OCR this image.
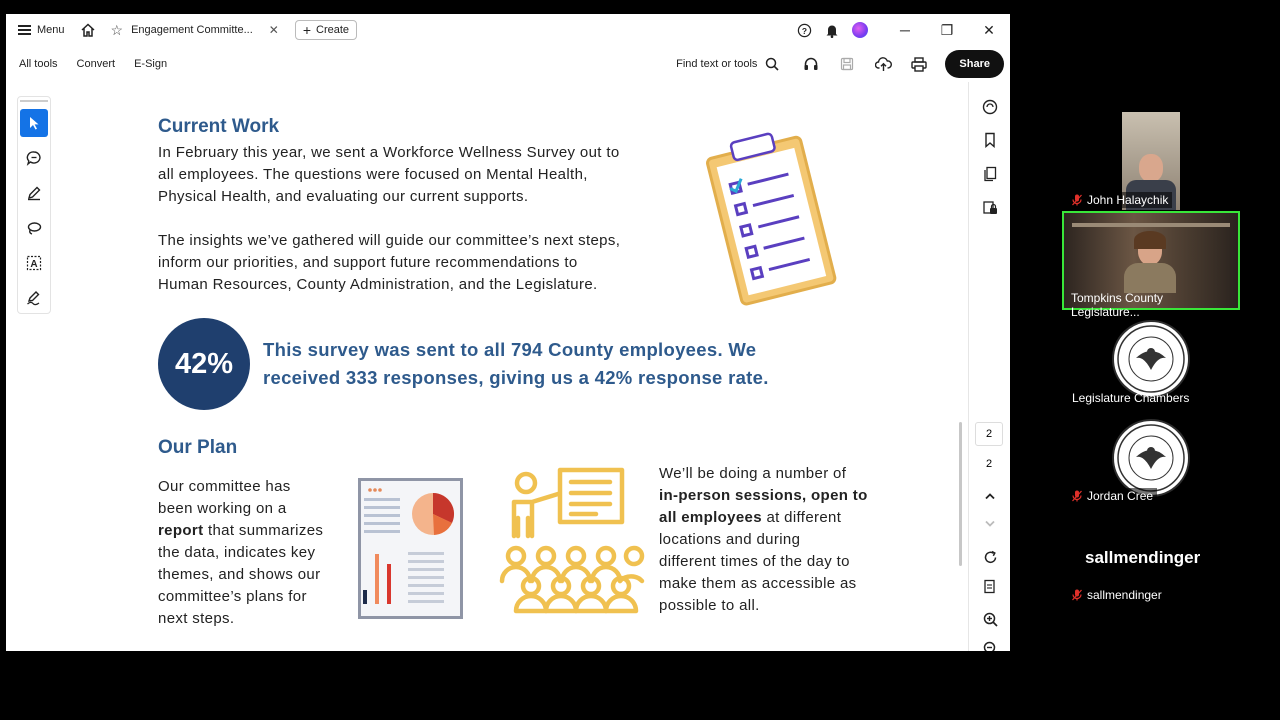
Menu	☆ Engagement Committe... ✕ + Create	?	─	❐	✕
All tools	Convert	E-Sign	Find text or tools	Share
A
Current Work
In February this year, we sent a Workforce Wellness Survey out to
all employees. The questions were focused on Mental Health,
Physical Health, and evaluating our current supports.
The insights we’ve gathered will guide our committee’s next steps,
inform our priorities, and support future recommendations to
Human Resources, County Administration, and the Legislature.
42%	This survey was sent to all 794 County employees. We
received 333 responses, giving us a 42% response rate.
Our Plan
Our committee has
been working on a
report that summarizes
the data, indicates key
themes, and shows our
committee’s plans for
next steps.
We’ll be doing a number of
in-person sessions, open to
all employees at different
locations and during
different times of the day to
make them as accessible as
possible to all.
2
2
John Halaychik
Tompkins County Legislature...
Legislature Chambers
Jordan Cree
sallmendinger
sallmendinger
